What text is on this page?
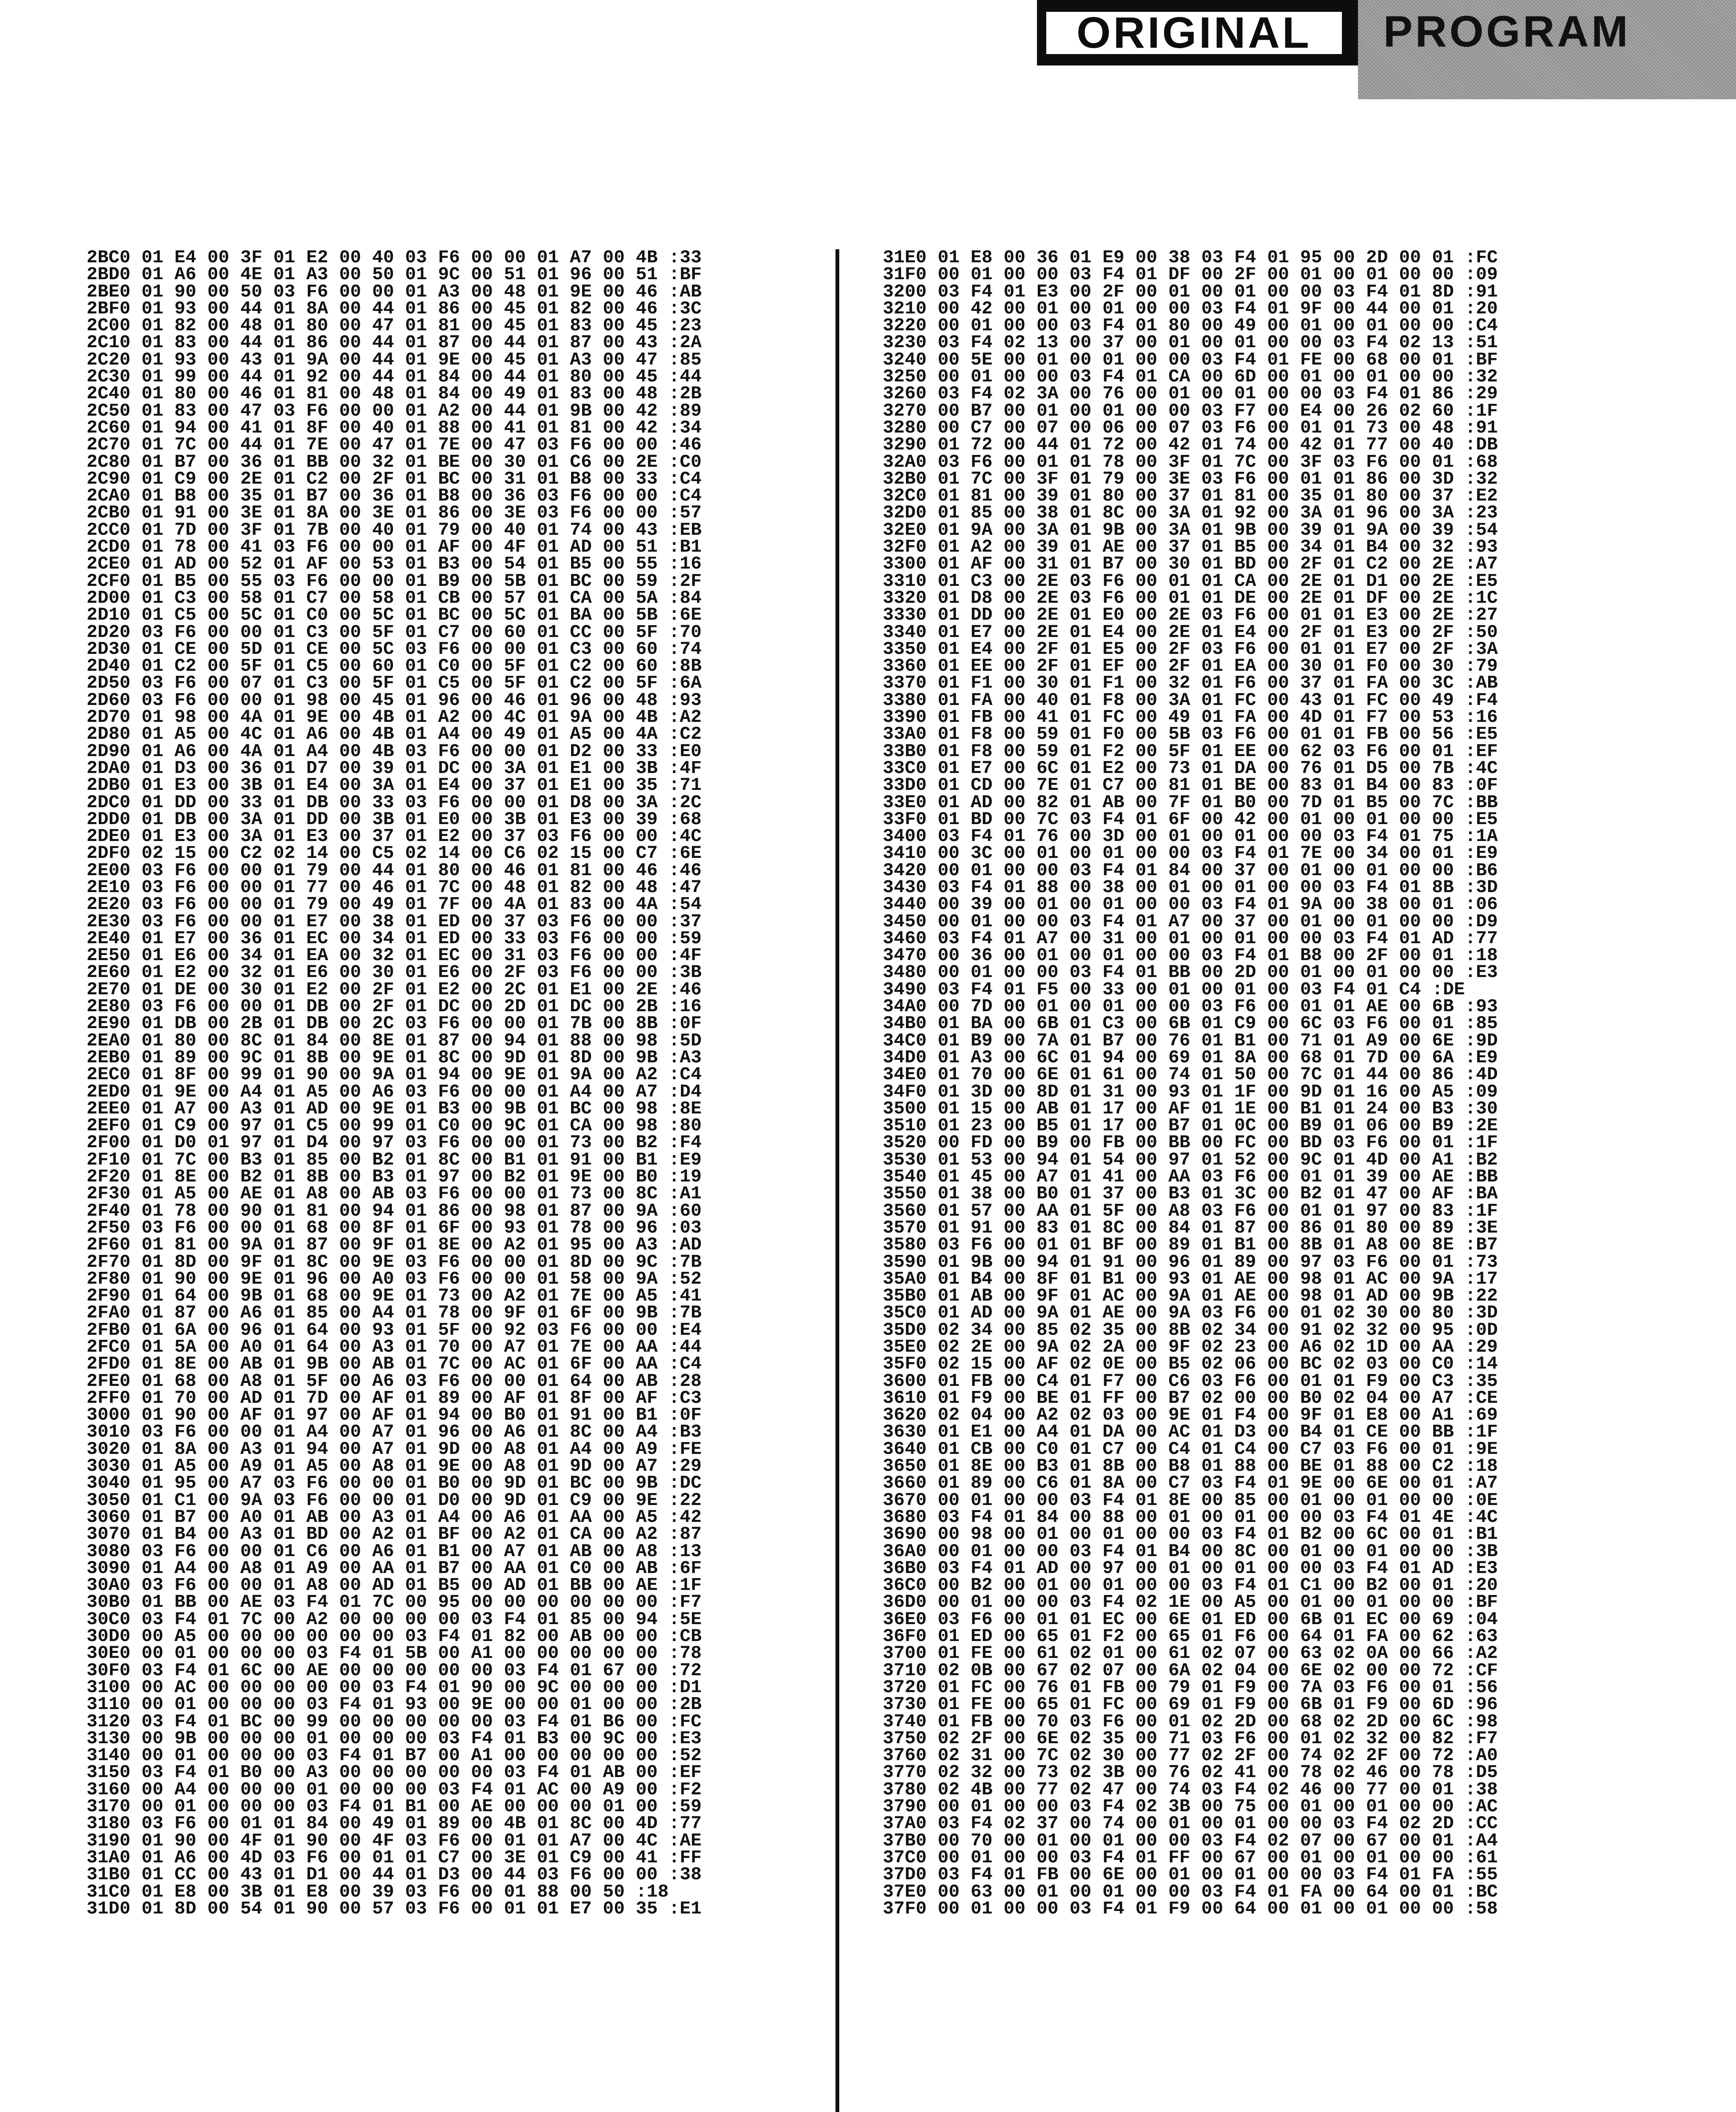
ORIGINAL	PROGRAM
2BC0 01 E4 00 3F 01 E2 00 40 03 F6 00 00 01 A7 00 4B :33
2BD0 01 A6 00 4E 01 A3 00 50 01 9C 00 51 01 96 00 51 :BF
2BE0 01 90 00 50 03 F6 00 00 01 A3 00 48 01 9E 00 46 :AB
2BF0 01 93 00 44 01 8A 00 44 01 86 00 45 01 82 00 46 :3C
2C00 01 82 00 48 01 80 00 47 01 81 00 45 01 83 00 45 :23
2C10 01 83 00 44 01 86 00 44 01 87 00 44 01 87 00 43 :2A
2C20 01 93 00 43 01 9A 00 44 01 9E 00 45 01 A3 00 47 :85
2C30 01 99 00 44 01 92 00 44 01 84 00 44 01 80 00 45 :44
2C40 01 80 00 46 01 81 00 48 01 84 00 49 01 83 00 48 :2B
2C50 01 83 00 47 03 F6 00 00 01 A2 00 44 01 9B 00 42 :89
2C60 01 94 00 41 01 8F 00 40 01 88 00 41 01 81 00 42 :34
2C70 01 7C 00 44 01 7E 00 47 01 7E 00 47 03 F6 00 00 :46
2C80 01 B7 00 36 01 BB 00 32 01 BE 00 30 01 C6 00 2E :C0
2C90 01 C9 00 2E 01 C2 00 2F 01 BC 00 31 01 B8 00 33 :C4
2CA0 01 B8 00 35 01 B7 00 36 01 B8 00 36 03 F6 00 00 :C4
2CB0 01 91 00 3E 01 8A 00 3E 01 86 00 3E 03 F6 00 00 :57
2CC0 01 7D 00 3F 01 7B 00 40 01 79 00 40 01 74 00 43 :EB
2CD0 01 78 00 41 03 F6 00 00 01 AF 00 4F 01 AD 00 51 :B1
2CE0 01 AD 00 52 01 AF 00 53 01 B3 00 54 01 B5 00 55 :16
2CF0 01 B5 00 55 03 F6 00 00 01 B9 00 5B 01 BC 00 59 :2F
2D00 01 C3 00 58 01 C7 00 58 01 CB 00 57 01 CA 00 5A :84
2D10 01 C5 00 5C 01 C0 00 5C 01 BC 00 5C 01 BA 00 5B :6E
2D20 03 F6 00 00 01 C3 00 5F 01 C7 00 60 01 CC 00 5F :70
2D30 01 CE 00 5D 01 CE 00 5C 03 F6 00 00 01 C3 00 60 :74
2D40 01 C2 00 5F 01 C5 00 60 01 C0 00 5F 01 C2 00 60 :8B
2D50 03 F6 00 07 01 C3 00 5F 01 C5 00 5F 01 C2 00 5F :6A
2D60 03 F6 00 00 01 98 00 45 01 96 00 46 01 96 00 48 :93
2D70 01 98 00 4A 01 9E 00 4B 01 A2 00 4C 01 9A 00 4B :A2
2D80 01 A5 00 4C 01 A6 00 4B 01 A4 00 49 01 A5 00 4A :C2
2D90 01 A6 00 4A 01 A4 00 4B 03 F6 00 00 01 D2 00 33 :E0
2DA0 01 D3 00 36 01 D7 00 39 01 DC 00 3A 01 E1 00 3B :4F
2DB0 01 E3 00 3B 01 E4 00 3A 01 E4 00 37 01 E1 00 35 :71
2DC0 01 DD 00 33 01 DB 00 33 03 F6 00 00 01 D8 00 3A :2C
2DD0 01 DB 00 3A 01 DD 00 3B 01 E0 00 3B 01 E3 00 39 :68
2DE0 01 E3 00 3A 01 E3 00 37 01 E2 00 37 03 F6 00 00 :4C
2DF0 02 15 00 C2 02 14 00 C5 02 14 00 C6 02 15 00 C7 :6E
2E00 03 F6 00 00 01 79 00 44 01 80 00 46 01 81 00 46 :46
2E10 03 F6 00 00 01 77 00 46 01 7C 00 48 01 82 00 48 :47
2E20 03 F6 00 00 01 79 00 49 01 7F 00 4A 01 83 00 4A :54
2E30 03 F6 00 00 01 E7 00 38 01 ED 00 37 03 F6 00 00 :37
2E40 01 E7 00 36 01 EC 00 34 01 ED 00 33 03 F6 00 00 :59
2E50 01 E6 00 34 01 EA 00 32 01 EC 00 31 03 F6 00 00 :4F
2E60 01 E2 00 32 01 E6 00 30 01 E6 00 2F 03 F6 00 00 :3B
2E70 01 DE 00 30 01 E2 00 2F 01 E2 00 2C 01 E1 00 2E :46
2E80 03 F6 00 00 01 DB 00 2F 01 DC 00 2D 01 DC 00 2B :16
2E90 01 DB 00 2B 01 DB 00 2C 03 F6 00 00 01 7B 00 8B :0F
2EA0 01 80 00 8C 01 84 00 8E 01 87 00 94 01 88 00 98 :5D
2EB0 01 89 00 9C 01 8B 00 9E 01 8C 00 9D 01 8D 00 9B :A3
2EC0 01 8F 00 99 01 90 00 9A 01 94 00 9E 01 9A 00 A2 :C4
2ED0 01 9E 00 A4 01 A5 00 A6 03 F6 00 00 01 A4 00 A7 :D4
2EE0 01 A7 00 A3 01 AD 00 9E 01 B3 00 9B 01 BC 00 98 :8E
2EF0 01 C9 00 97 01 C5 00 99 01 C0 00 9C 01 CA 00 98 :80
2F00 01 D0 01 97 01 D4 00 97 03 F6 00 00 01 73 00 B2 :F4
2F10 01 7C 00 B3 01 85 00 B2 01 8C 00 B1 01 91 00 B1 :E9
2F20 01 8E 00 B2 01 8B 00 B3 01 97 00 B2 01 9E 00 B0 :19
2F30 01 A5 00 AE 01 A8 00 AB 03 F6 00 00 01 73 00 8C :A1
2F40 01 78 00 90 01 81 00 94 01 86 00 98 01 87 00 9A :60
2F50 03 F6 00 00 01 68 00 8F 01 6F 00 93 01 78 00 96 :03
2F60 01 81 00 9A 01 87 00 9F 01 8E 00 A2 01 95 00 A3 :AD
2F70 01 8D 00 9F 01 8C 00 9E 03 F6 00 00 01 8D 00 9C :7B
2F80 01 90 00 9E 01 96 00 A0 03 F6 00 00 01 58 00 9A :52
2F90 01 64 00 9B 01 68 00 9E 01 73 00 A2 01 7E 00 A5 :41
2FA0 01 87 00 A6 01 85 00 A4 01 78 00 9F 01 6F 00 9B :7B
2FB0 01 6A 00 96 01 64 00 93 01 5F 00 92 03 F6 00 00 :E4
2FC0 01 5A 00 A0 01 64 00 A3 01 70 00 A7 01 7E 00 AA :44
2FD0 01 8E 00 AB 01 9B 00 AB 01 7C 00 AC 01 6F 00 AA :C4
2FE0 01 68 00 A8 01 5F 00 A6 03 F6 00 00 01 64 00 AB :28
2FF0 01 70 00 AD 01 7D 00 AF 01 89 00 AF 01 8F 00 AF :C3
3000 01 90 00 AF 01 97 00 AF 01 94 00 B0 01 91 00 B1 :0F
3010 03 F6 00 00 01 A4 00 A7 01 96 00 A6 01 8C 00 A4 :B3
3020 01 8A 00 A3 01 94 00 A7 01 9D 00 A8 01 A4 00 A9 :FE
3030 01 A5 00 A9 01 A5 00 A8 01 9E 00 A8 01 9D 00 A7 :29
3040 01 95 00 A7 03 F6 00 00 01 B0 00 9D 01 BC 00 9B :DC
3050 01 C1 00 9A 03 F6 00 00 01 D0 00 9D 01 C9 00 9E :22
3060 01 B7 00 A0 01 AB 00 A3 01 A4 00 A6 01 AA 00 A5 :42
3070 01 B4 00 A3 01 BD 00 A2 01 BF 00 A2 01 CA 00 A2 :87
3080 03 F6 00 00 01 C6 00 A6 01 B1 00 A7 01 AB 00 A8 :13
3090 01 A4 00 A8 01 A9 00 AA 01 B7 00 AA 01 C0 00 AB :6F
30A0 03 F6 00 00 01 A8 00 AD 01 B5 00 AD 01 BB 00 AE :1F
30B0 01 BB 00 AE 03 F4 01 7C 00 95 00 00 00 00 00 00 :F7
30C0 03 F4 01 7C 00 A2 00 00 00 00 03 F4 01 85 00 94 :5E
30D0 00 A5 00 00 00 00 00 00 03 F4 01 82 00 AB 00 00 :CB
30E0 00 01 00 00 00 03 F4 01 5B 00 A1 00 00 00 00 00 :78
30F0 03 F4 01 6C 00 AE 00 00 00 00 00 03 F4 01 67 00 :72
3100 00 AC 00 00 00 00 00 03 F4 01 90 00 9C 00 00 00 :D1
3110 00 01 00 00 00 03 F4 01 93 00 9E 00 00 01 00 00 :2B
3120 03 F4 01 BC 00 99 00 00 00 00 00 03 F4 01 B6 00 :FC
3130 00 9B 00 00 00 01 00 00 00 03 F4 01 B3 00 9C 00 :E3
3140 00 01 00 00 00 03 F4 01 B7 00 A1 00 00 00 00 00 :52
3150 03 F4 01 B0 00 A3 00 00 00 00 00 03 F4 01 AB 00 :EF
3160 00 A4 00 00 00 01 00 00 00 03 F4 01 AC 00 A9 00 :F2
3170 00 01 00 00 00 03 F4 01 B1 00 AE 00 00 00 01 00 :59
3180 03 F6 00 01 01 84 00 49 01 89 00 4B 01 8C 00 4D :77
3190 01 90 00 4F 01 90 00 4F 03 F6 00 01 01 A7 00 4C :AE
31A0 01 A6 00 4D 03 F6 00 01 01 C7 00 3E 01 C9 00 41 :FF
31B0 01 CC 00 43 01 D1 00 44 01 D3 00 44 03 F6 00 00 :38
31C0 01 E8 00 3B 01 E8 00 39 03 F6 00 01 88 00 50 :18
31D0 01 8D 00 54 01 90 00 57 03 F6 00 01 01 E7 00 35 :E1
31E0 01 E8 00 36 01 E9 00 38 03 F4 01 95 00 2D 00 01 :FC
31F0 00 01 00 00 03 F4 01 DF 00 2F 00 01 00 01 00 00 :09
3200 03 F4 01 E3 00 2F 00 01 00 01 00 00 03 F4 01 8D :91
3210 00 42 00 01 00 01 00 00 03 F4 01 9F 00 44 00 01 :20
3220 00 01 00 00 03 F4 01 80 00 49 00 01 00 01 00 00 :C4
3230 03 F4 02 13 00 37 00 01 00 01 00 00 03 F4 02 13 :51
3240 00 5E 00 01 00 01 00 00 03 F4 01 FE 00 68 00 01 :BF
3250 00 01 00 00 03 F4 01 CA 00 6D 00 01 00 01 00 00 :32
3260 03 F4 02 3A 00 76 00 01 00 01 00 00 03 F4 01 86 :29
3270 00 B7 00 01 00 01 00 00 03 F7 00 E4 00 26 02 60 :1F
3280 00 C7 00 07 00 06 00 07 03 F6 00 01 01 73 00 48 :91
3290 01 72 00 44 01 72 00 42 01 74 00 42 01 77 00 40 :DB
32A0 03 F6 00 01 01 78 00 3F 01 7C 00 3F 03 F6 00 01 :68
32B0 01 7C 00 3F 01 79 00 3E 03 F6 00 01 01 86 00 3D :32
32C0 01 81 00 39 01 80 00 37 01 81 00 35 01 80 00 37 :E2
32D0 01 85 00 38 01 8C 00 3A 01 92 00 3A 01 96 00 3A :23
32E0 01 9A 00 3A 01 9B 00 3A 01 9B 00 39 01 9A 00 39 :54
32F0 01 A2 00 39 01 AE 00 37 01 B5 00 34 01 B4 00 32 :93
3300 01 AF 00 31 01 B7 00 30 01 BD 00 2F 01 C2 00 2E :A7
3310 01 C3 00 2E 03 F6 00 01 01 CA 00 2E 01 D1 00 2E :E5
3320 01 D8 00 2E 03 F6 00 01 01 DE 00 2E 01 DF 00 2E :1C
3330 01 DD 00 2E 01 E0 00 2E 03 F6 00 01 01 E3 00 2E :27
3340 01 E7 00 2E 01 E4 00 2E 01 E4 00 2F 01 E3 00 2F :50
3350 01 E4 00 2F 01 E5 00 2F 03 F6 00 01 01 E7 00 2F :3A
3360 01 EE 00 2F 01 EF 00 2F 01 EA 00 30 01 F0 00 30 :79
3370 01 F1 00 30 01 F1 00 32 01 F6 00 37 01 FA 00 3C :AB
3380 01 FA 00 40 01 F8 00 3A 01 FC 00 43 01 FC 00 49 :F4
3390 01 FB 00 41 01 FC 00 49 01 FA 00 4D 01 F7 00 53 :16
33A0 01 F8 00 59 01 F0 00 5B 03 F6 00 01 01 FB 00 56 :E5
33B0 01 F8 00 59 01 F2 00 5F 01 EE 00 62 03 F6 00 01 :EF
33C0 01 E7 00 6C 01 E2 00 73 01 DA 00 76 01 D5 00 7B :4C
33D0 01 CD 00 7E 01 C7 00 81 01 BE 00 83 01 B4 00 83 :0F
33E0 01 AD 00 82 01 AB 00 7F 01 B0 00 7D 01 B5 00 7C :BB
33F0 01 BD 00 7C 03 F4 01 6F 00 42 00 01 00 01 00 00 :E5
3400 03 F4 01 76 00 3D 00 01 00 01 00 00 03 F4 01 75 :1A
3410 00 3C 00 01 00 01 00 00 03 F4 01 7E 00 34 00 01 :E9
3420 00 01 00 00 03 F4 01 84 00 37 00 01 00 01 00 00 :B6
3430 03 F4 01 88 00 38 00 01 00 01 00 00 03 F4 01 8B :3D
3440 00 39 00 01 00 01 00 00 03 F4 01 9A 00 38 00 01 :06
3450 00 01 00 00 03 F4 01 A7 00 37 00 01 00 01 00 00 :D9
3460 03 F4 01 A7 00 31 00 01 00 01 00 00 03 F4 01 AD :77
3470 00 36 00 01 00 01 00 00 03 F4 01 B8 00 2F 00 01 :18
3480 00 01 00 00 03 F4 01 BB 00 2D 00 01 00 01 00 00 :E3
3490 03 F4 01 F5 00 33 00 01 00 01 00 03 F4 01 C4 :DE
34A0 00 7D 00 01 00 01 00 00 03 F6 00 01 01 AE 00 6B :93
34B0 01 BA 00 6B 01 C3 00 6B 01 C9 00 6C 03 F6 00 01 :85
34C0 01 B9 00 7A 01 B7 00 76 01 B1 00 71 01 A9 00 6E :9D
34D0 01 A3 00 6C 01 94 00 69 01 8A 00 68 01 7D 00 6A :E9
34E0 01 70 00 6E 01 61 00 74 01 50 00 7C 01 44 00 86 :4D
34F0 01 3D 00 8D 01 31 00 93 01 1F 00 9D 01 16 00 A5 :09
3500 01 15 00 AB 01 17 00 AF 01 1E 00 B1 01 24 00 B3 :30
3510 01 23 00 B5 01 17 00 B7 01 0C 00 B9 01 06 00 B9 :2E
3520 00 FD 00 B9 00 FB 00 BB 00 FC 00 BD 03 F6 00 01 :1F
3530 01 53 00 94 01 54 00 97 01 52 00 9C 01 4D 00 A1 :B2
3540 01 45 00 A7 01 41 00 AA 03 F6 00 01 01 39 00 AE :BB
3550 01 38 00 B0 01 37 00 B3 01 3C 00 B2 01 47 00 AF :BA
3560 01 57 00 AA 01 5F 00 A8 03 F6 00 01 01 97 00 83 :1F
3570 01 91 00 83 01 8C 00 84 01 87 00 86 01 80 00 89 :3E
3580 03 F6 00 01 01 BF 00 89 01 B1 00 8B 01 A8 00 8E :B7
3590 01 9B 00 94 01 91 00 96 01 89 00 97 03 F6 00 01 :73
35A0 01 B4 00 8F 01 B1 00 93 01 AE 00 98 01 AC 00 9A :17
35B0 01 AB 00 9F 01 AC 00 9A 01 AE 00 98 01 AD 00 9B :22
35C0 01 AD 00 9A 01 AE 00 9A 03 F6 00 01 02 30 00 80 :3D
35D0 02 34 00 85 02 35 00 8B 02 34 00 91 02 32 00 95 :0D
35E0 02 2E 00 9A 02 2A 00 9F 02 23 00 A6 02 1D 00 AA :29
35F0 02 15 00 AF 02 0E 00 B5 02 06 00 BC 02 03 00 C0 :14
3600 01 FB 00 C4 01 F7 00 C6 03 F6 00 01 01 F9 00 C3 :35
3610 01 F9 00 BE 01 FF 00 B7 02 00 00 B0 02 04 00 A7 :CE
3620 02 04 00 A2 02 03 00 9E 01 F4 00 9F 01 E8 00 A1 :69
3630 01 E1 00 A4 01 DA 00 AC 01 D3 00 B4 01 CE 00 BB :1F
3640 01 CB 00 C0 01 C7 00 C4 01 C4 00 C7 03 F6 00 01 :9E
3650 01 8E 00 B3 01 8B 00 B8 01 88 00 BE 01 88 00 C2 :18
3660 01 89 00 C6 01 8A 00 C7 03 F4 01 9E 00 6E 00 01 :A7
3670 00 01 00 00 03 F4 01 8E 00 85 00 01 00 01 00 00 :0E
3680 03 F4 01 84 00 88 00 01 00 01 00 00 03 F4 01 4E :4C
3690 00 98 00 01 00 01 00 00 03 F4 01 B2 00 6C 00 01 :B1
36A0 00 01 00 00 03 F4 01 B4 00 8C 00 01 00 01 00 00 :3B
36B0 03 F4 01 AD 00 97 00 01 00 01 00 00 03 F4 01 AD :E3
36C0 00 B2 00 01 00 01 00 00 03 F4 01 C1 00 B2 00 01 :20
36D0 00 01 00 00 03 F4 02 1E 00 A5 00 01 00 01 00 00 :BF
36E0 03 F6 00 01 01 EC 00 6E 01 ED 00 6B 01 EC 00 69 :04
36F0 01 ED 00 65 01 F2 00 65 01 F6 00 64 01 FA 00 62 :63
3700 01 FE 00 61 02 01 00 61 02 07 00 63 02 0A 00 66 :A2
3710 02 0B 00 67 02 07 00 6A 02 04 00 6E 02 00 00 72 :CF
3720 01 FC 00 76 01 FB 00 79 01 F9 00 7A 03 F6 00 01 :56
3730 01 FE 00 65 01 FC 00 69 01 F9 00 6B 01 F9 00 6D :96
3740 01 FB 00 70 03 F6 00 01 02 2D 00 68 02 2D 00 6C :98
3750 02 2F 00 6E 02 35 00 71 03 F6 00 01 02 32 00 82 :F7
3760 02 31 00 7C 02 30 00 77 02 2F 00 74 02 2F 00 72 :A0
3770 02 32 00 73 02 3B 00 76 02 41 00 78 02 46 00 78 :D5
3780 02 4B 00 77 02 47 00 74 03 F4 02 46 00 77 00 01 :38
3790 00 01 00 00 03 F4 02 3B 00 75 00 01 00 01 00 00 :AC
37A0 03 F4 02 37 00 74 00 01 00 01 00 00 03 F4 02 2D :CC
37B0 00 70 00 01 00 01 00 00 03 F4 02 07 00 67 00 01 :A4
37C0 00 01 00 00 03 F4 01 FF 00 67 00 01 00 01 00 00 :61
37D0 03 F4 01 FB 00 6E 00 01 00 01 00 00 03 F4 01 FA :55
37E0 00 63 00 01 00 01 00 00 03 F4 01 FA 00 64 00 01 :BC
37F0 00 01 00 00 03 F4 01 F9 00 64 00 01 00 01 00 00 :58
